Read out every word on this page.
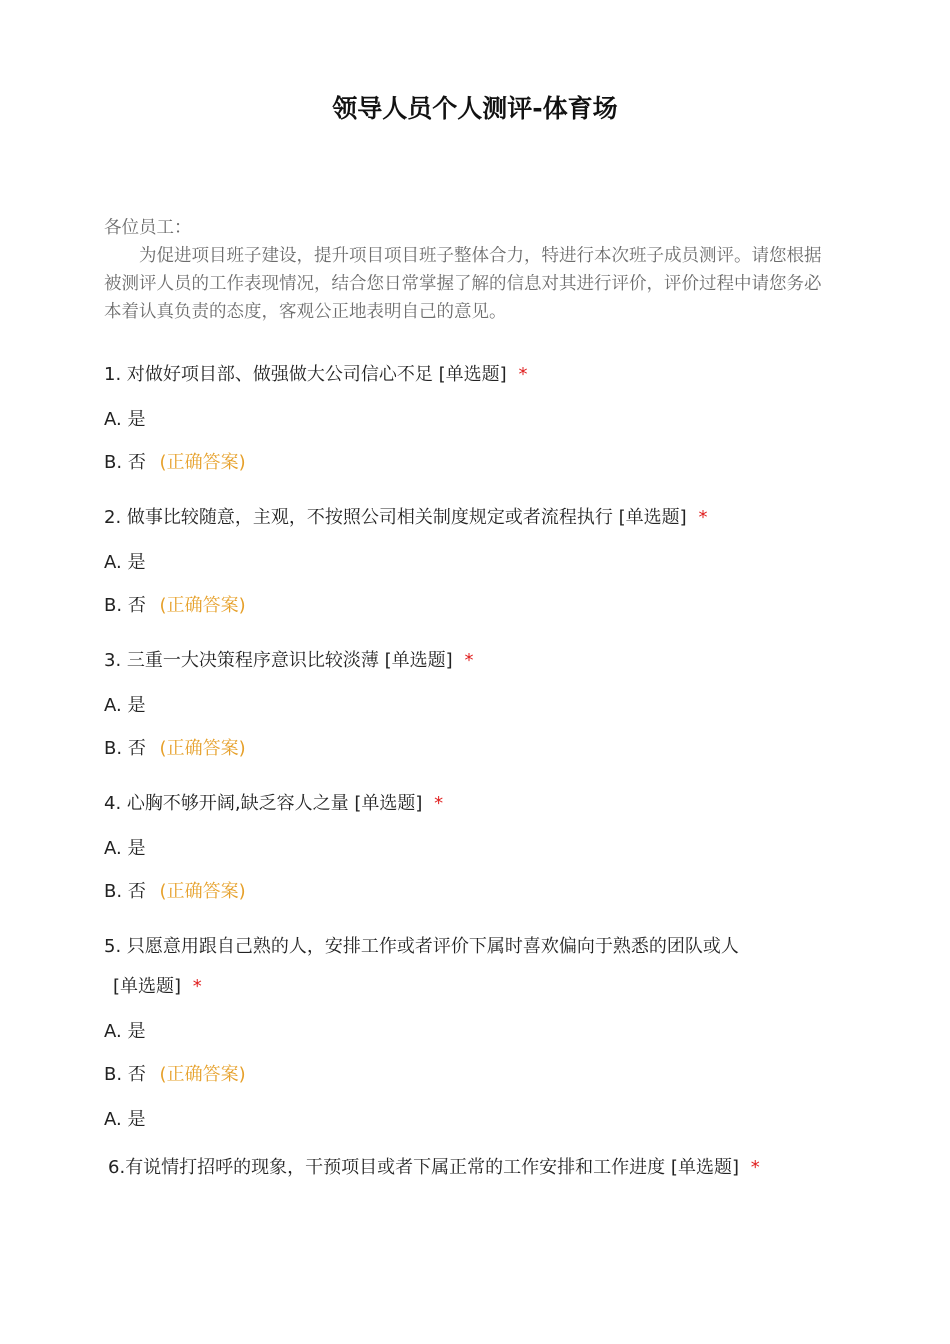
领导人员个人测评-体育场

各位员工：

为促进项目班子建设，提升项目项目班子整体合力，特进行本次班子成员测评。请您根据被测评人员的工作表现情况，结合您日常掌握了解的信息对其进行评价，评价过程中请您务必本着认真负责的态度，客观公正地表明自己的意见。

1. 对做好项目部、做强做大公司信心不足 [单选题] *
A. 是
B. 否 (正确答案)
2. 做事比较随意，主观，不按照公司相关制度规定或者流程执行 [单选题] *
A. 是
B. 否 (正确答案)
3. 三重一大决策程序意识比较淡薄 [单选题] *
A. 是
B. 否 (正确答案)
4. 心胸不够开阔,缺乏容人之量 [单选题] *
A. 是
B. 否 (正确答案)
5. 只愿意用跟自己熟的人，安排工作或者评价下属时喜欢偏向于熟悉的团队或人
[单选题] *
A. 是
B. 否 (正确答案)
A. 是
6.有说情打招呼的现象，干预项目或者下属正常的工作安排和工作进度 [单选题] *
